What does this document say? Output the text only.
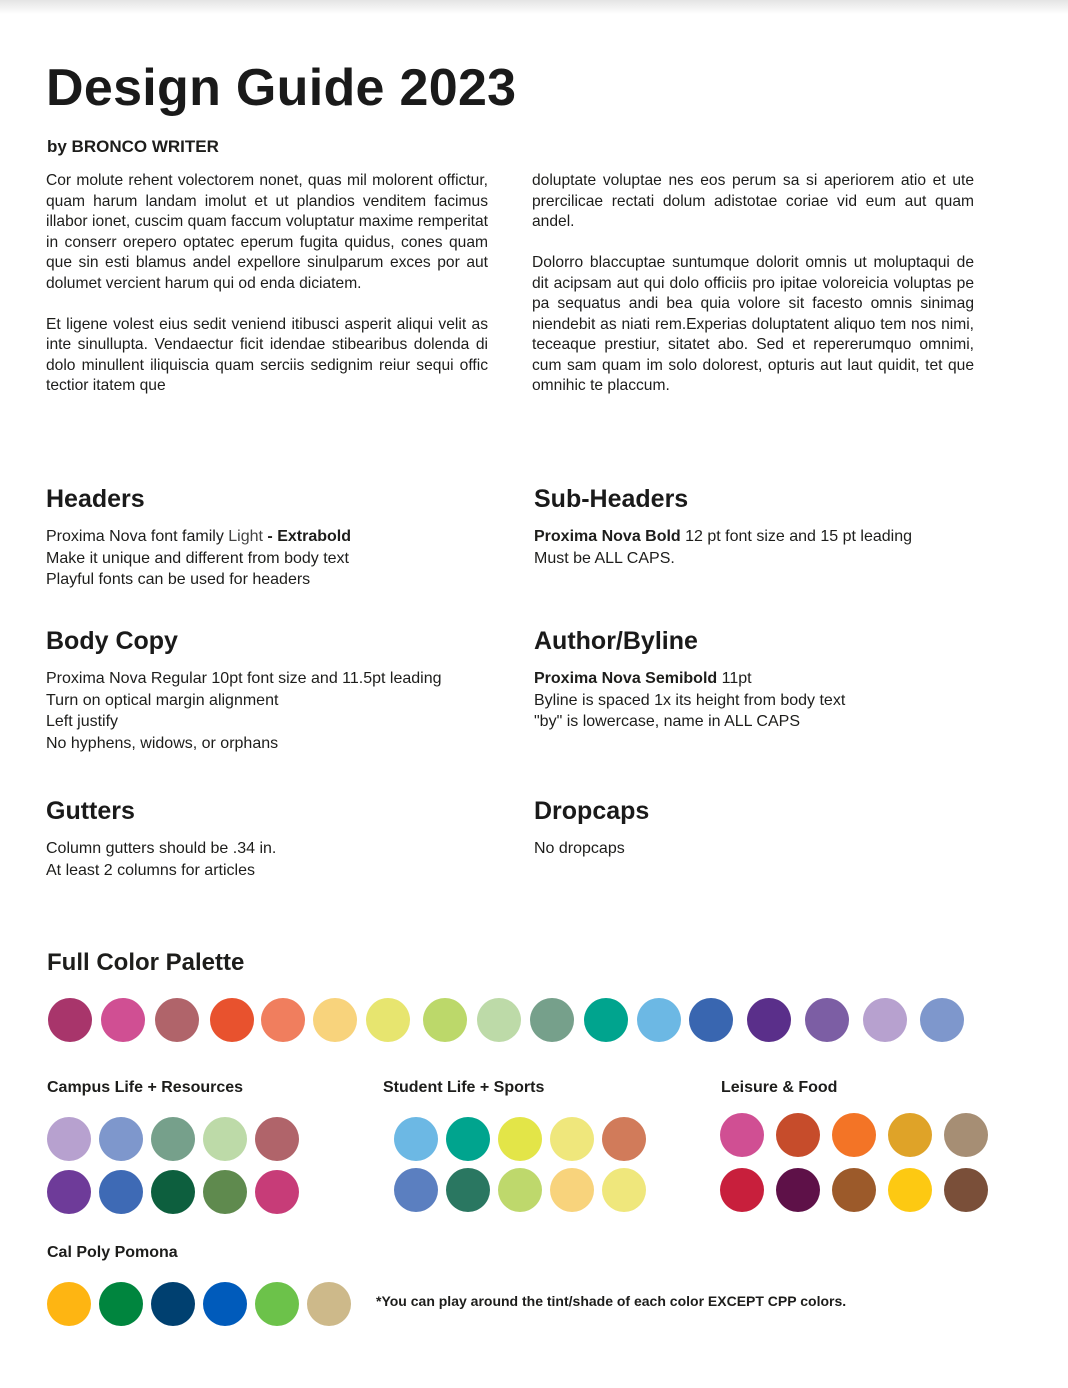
Design Guide 2023
by BRONCO WRITER

Cor molute rehent volectorem nonet, quas mil molorent offictur, quam harum landam imolut et ut plandios venditem facimus illabor ionet, cuscim quam faccum voluptatur maxime remperitat in conserr orepero optatec eperum fugita quidus, cones quam que sin esti blamus andel expellore sinulparum exces por aut dolumet vercient harum qui od enda diciatem.

Et ligene volest eius sedit veniend itibusci asperit aliqui velit as inte sinullupta. Vendaectur ficit idendae stibearibus dolenda di dolo minullent iliquiscia quam serciis sedignim reiur sequi offic tectior itatem que

doluptate voluptae nes eos perum sa si aperiorem atio et ute prercilicae rectati dolum adistotae coriae vid eum aut quam andel.

Dolorro blaccuptae suntumque dolorit omnis ut moluptaqui de dit acipsam aut qui dolo officiis pro ipitae voloreicia voluptas pe pa sequatus andi bea quia volore sit facesto omnis sinimag niendebit as niati rem.Experias doluptatent aliquo tem nos nimi, teceaque prestiur, sitatet abo. Sed et repererumquo omnimi, cum sam quam im solo dolorest, opturis aut laut quidit, tet que omnihic te placcum.

Headers
Proxima Nova font family Light - Extrabold
Make it unique and different from body text
Playful fonts can be used for headers
Sub-Headers
Proxima Nova Bold 12 pt font size and 15 pt leading
Must be ALL CAPS.
Body Copy
Proxima Nova Regular 10pt font size and 11.5pt leading
Turn on optical margin alignment
Left justify
No hyphens, widows, or orphans
Author/Byline
Proxima Nova Semibold 11pt
Byline is spaced 1x its height from body text
"by" is lowercase, name in ALL CAPS
Gutters
Column gutters should be .34 in.
At least 2 columns for articles
Dropcaps
No dropcaps
Full Color Palette
Campus Life + Resources	Student Life + Sports	Leisure & Food
Cal Poly Pomona
*You can play around the tint/shade of each color EXCEPT CPP colors.
